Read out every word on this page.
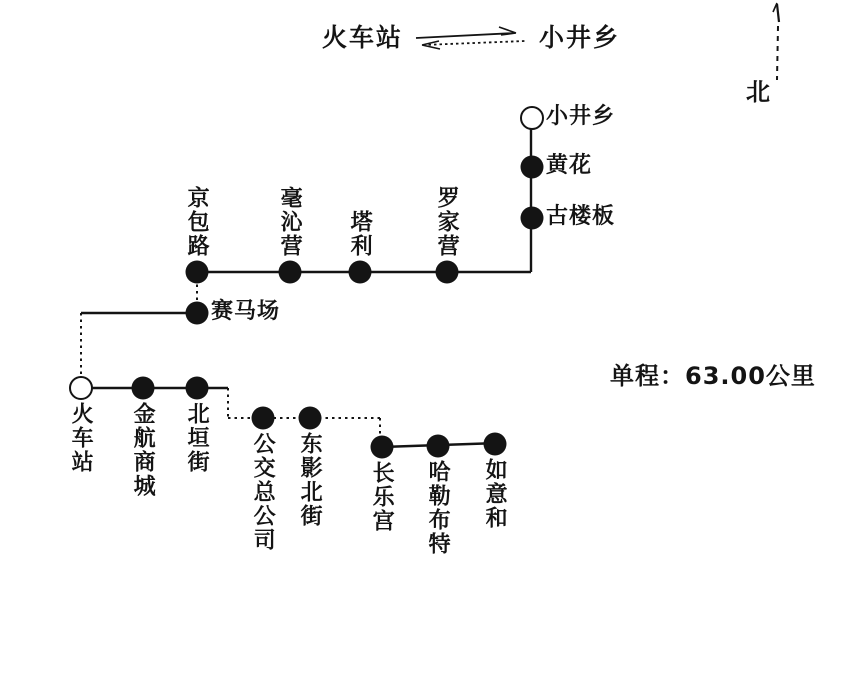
火车站	小井乡
北
小井乡
黄花
古楼板
罗家营
塔利
毫沁营
京包路
赛马场
火车站 金航商城 北垣街 公交总公司 东影北街 长乐宫 哈勒布特 如意和
单程：63.00公里
